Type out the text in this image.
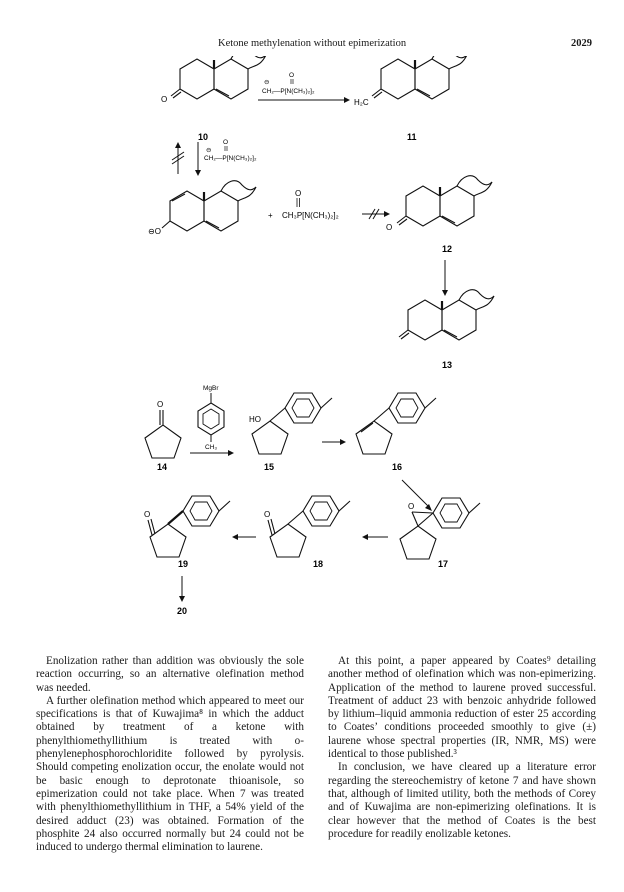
Ketone methylenation without epimerization	2029
O
10
⊖
O
CH₂—P[N(CH₃)₂]₂
H₂C
11
⊖
O
CH₂—P[N(CH₃)₂]₂
⊖O
+
O
CH₃P[N(CH₃)₂]₂
O
12
13
O
14
MgBr
CH₃
HO
15	16
O
17
O
18
O
19
20

Enolization rather than addition was obviously the sole reaction occurring, so an alternative olefination method was needed.

A further olefination method which appeared to meet our specifications is that of Kuwajima⁸ in which the adduct obtained by treatment of a ketone with phenylthiomethyllithium is treated with o-phenylenephosphorochloridite followed by pyrolysis. Should competing enolization occur, the enolate would not be basic enough to deprotonate thioanisole, so epimerization could not take place. When 7 was treated with phenylthiomethyllithium in THF, a 54% yield of the desired adduct (23) was obtained. Formation of the phosphite 24 also occurred normally but 24 could not be induced to undergo thermal elimination to laurene.

At this point, a paper appeared by Coates⁹ detailing another method of olefination which was non-epimerizing. Application of the method to laurene proved successful. Treatment of adduct 23 with benzoic anhydride followed by lithium–liquid ammonia reduction of ester 25 according to Coates’ conditions proceeded smoothly to give (±) laurene whose spectral properties (IR, NMR, MS) were identical to those published.³

In conclusion, we have cleared up a literature error regarding the stereochemistry of ketone 7 and have shown that, although of limited utility, both the methods of Corey and of Kuwajima are non-epimerizing olefinations. It is clear however that the method of Coates is the best procedure for readily enolizable ketones.
